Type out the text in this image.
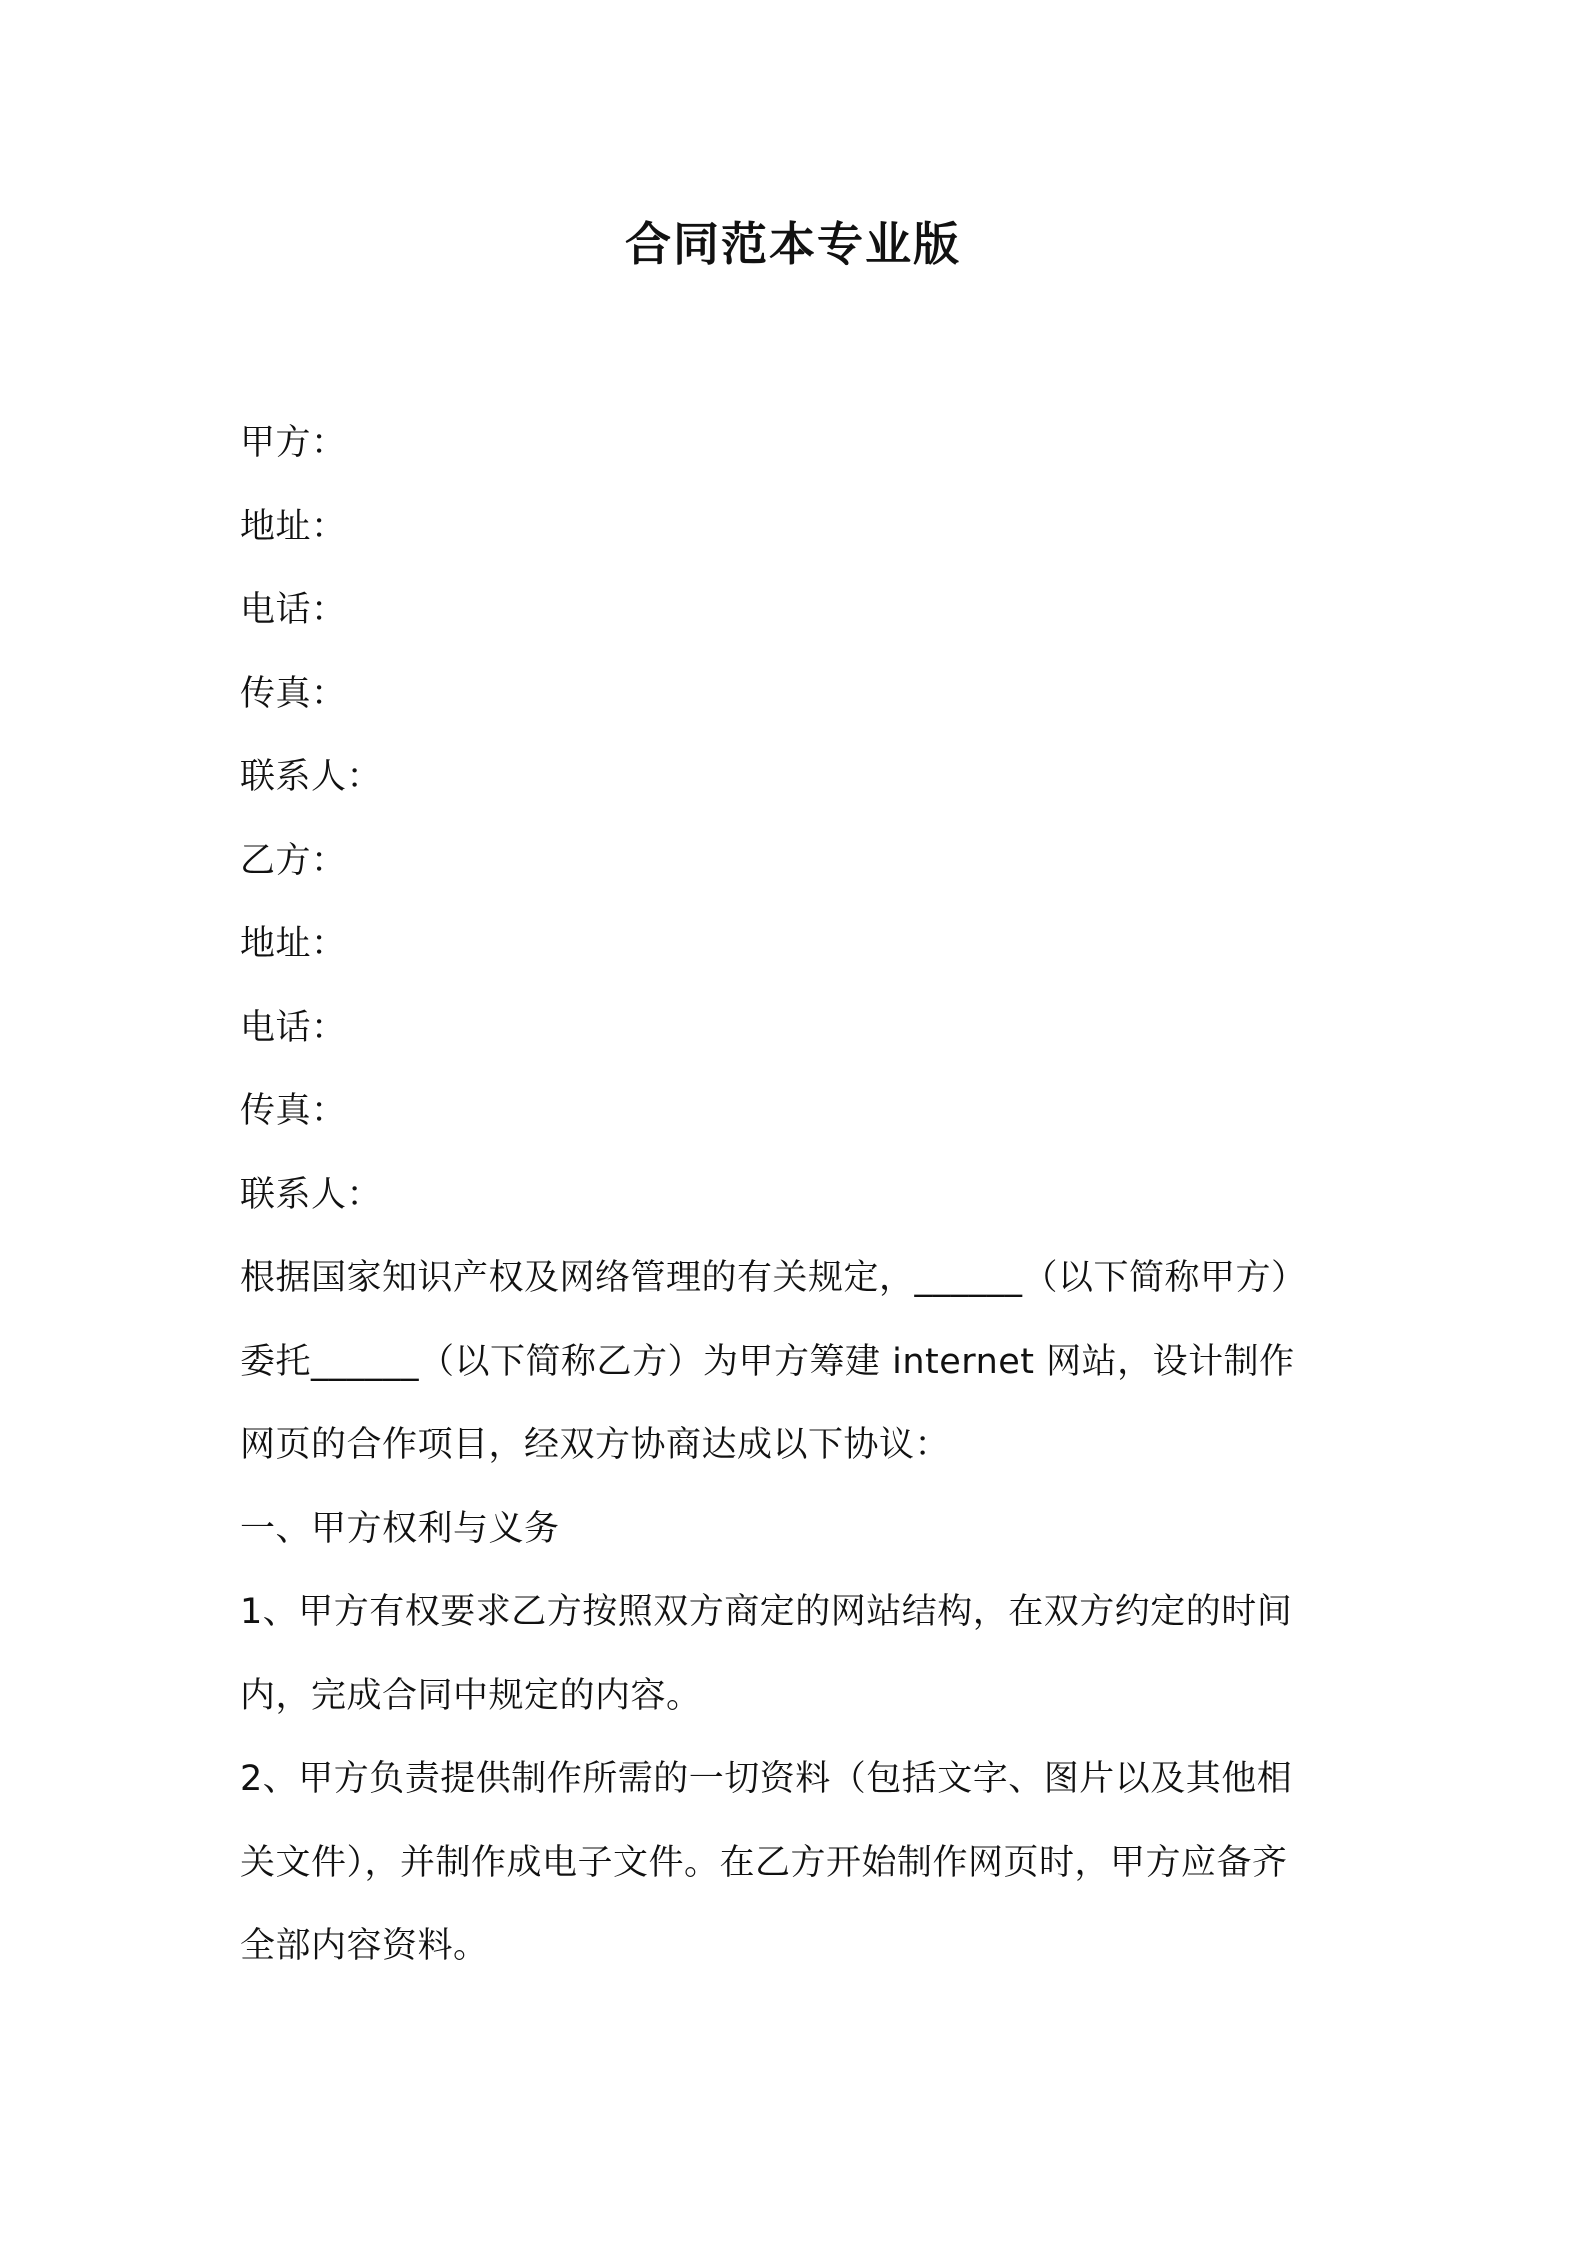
合同范本专业版
甲方：
地址：
电话：
传真：
联系人：
乙方：
地址：
电话：
传真：
联系人：
根据国家知识产权及网络管理的有关规定，______（以下简称甲方）
委托______（以下简称乙方）为甲方筹建 internet 网站，设计制作
网页的合作项目，经双方协商达成以下协议：
一、甲方权利与义务
1、甲方有权要求乙方按照双方商定的网站结构，在双方约定的时间
内，完成合同中规定的内容。
2、甲方负责提供制作所需的一切资料（包括文字、图片以及其他相
关文件），并制作成电子文件。在乙方开始制作网页时，甲方应备齐
全部内容资料。
